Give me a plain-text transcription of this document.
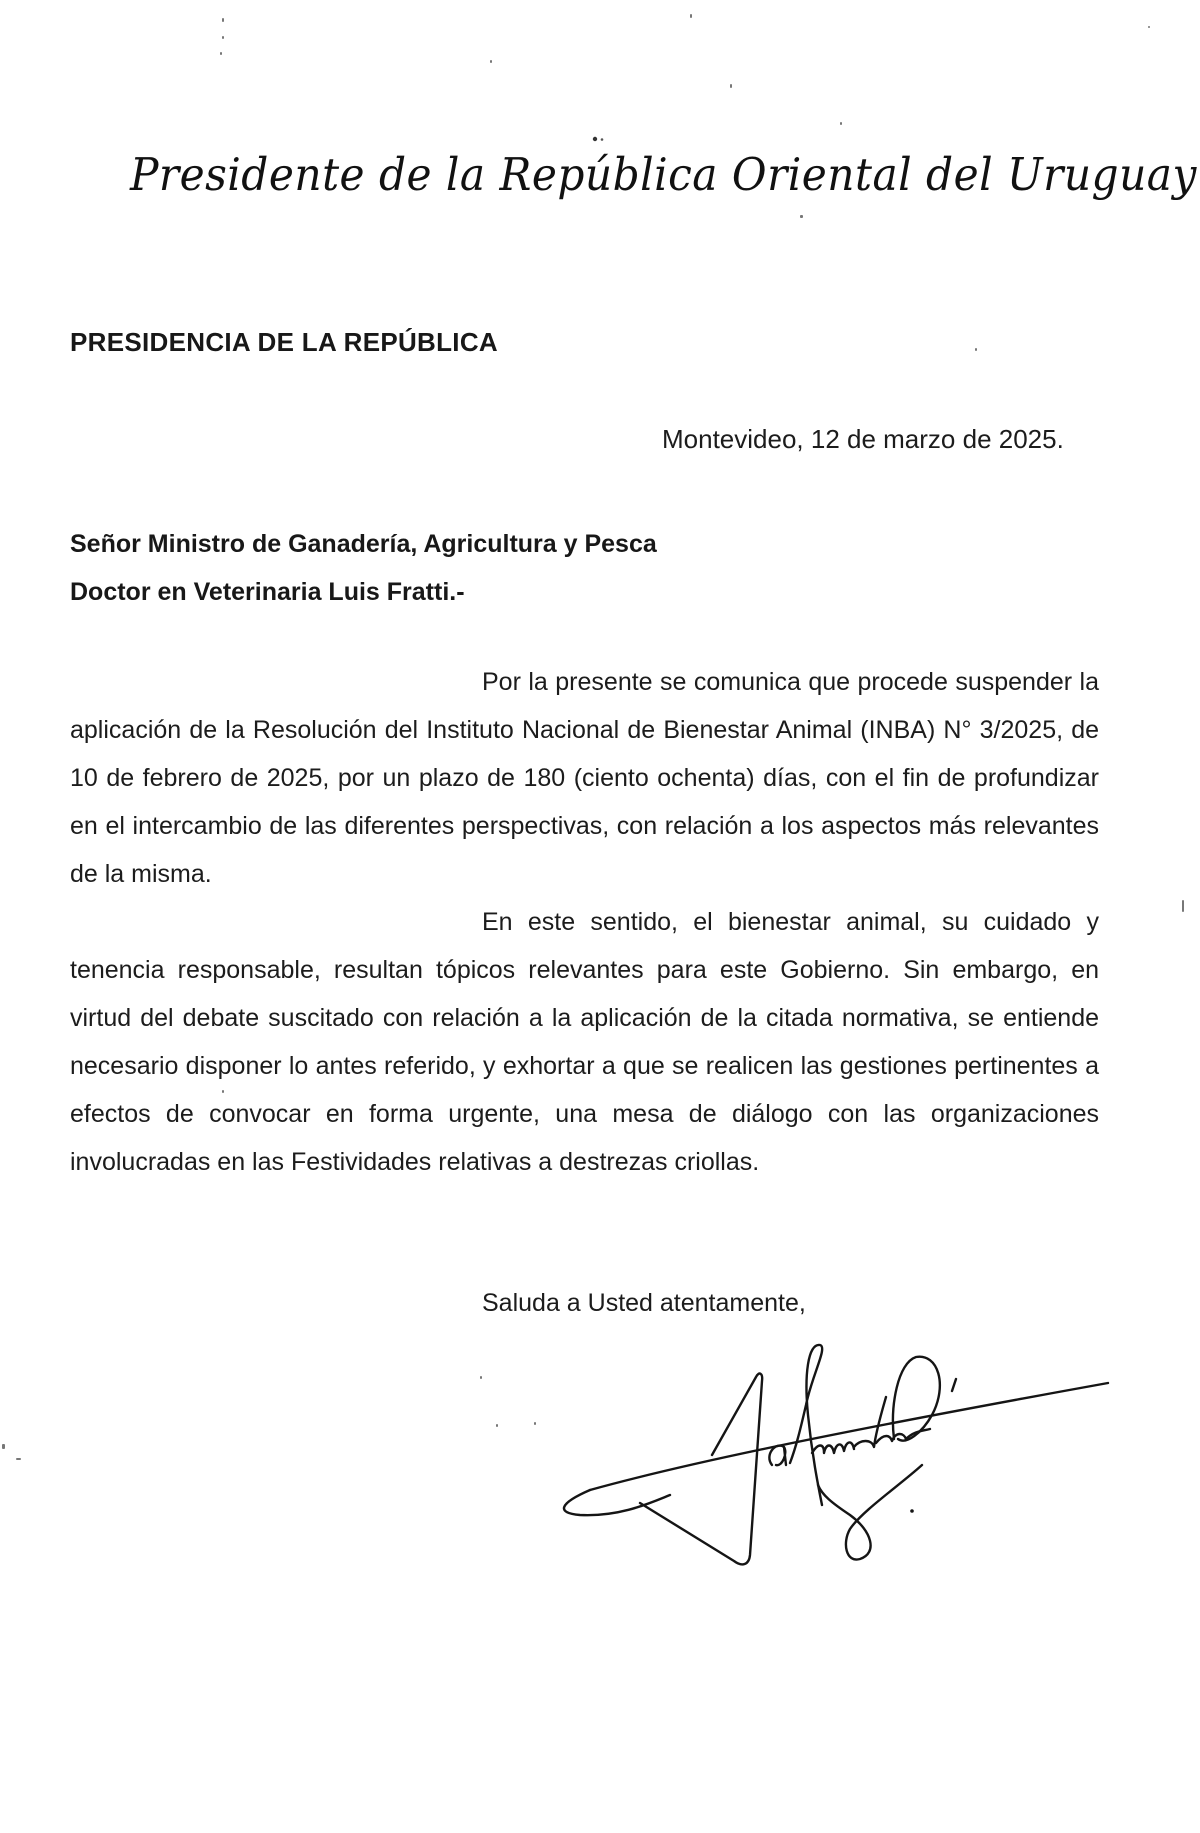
Presidente de la República Oriental del Uruguay
PRESIDENCIA DE LA REPÚBLICA
Montevideo, 12 de marzo de 2025.
Señor Ministro de Ganadería, Agricultura y Pesca
Doctor en Veterinaria Luis Fratti.-

Por la presente se comunica que procede suspender la aplicación de la Resolución del Instituto Nacional de Bienestar Animal (INBA) N° 3/2025, de 10 de febrero de 2025, por un plazo de 180 (ciento ochenta) días, con el fin de profundizar en el intercambio de las diferentes perspectivas, con relación a los aspectos más relevantes de la misma.

En este sentido, el bienestar animal, su cuidado y tenencia responsable, resultan tópicos relevantes para este Gobierno. Sin embargo, en virtud del debate suscitado con relación a la aplicación de la citada normativa, se entiende necesario disponer lo antes referido, y exhortar a que se realicen las gestiones pertinentes a efectos de convocar en forma urgente, una mesa de diálogo con las organizaciones involucradas en las Festividades relativas a destrezas criollas.

Saluda a Usted atentamente,
